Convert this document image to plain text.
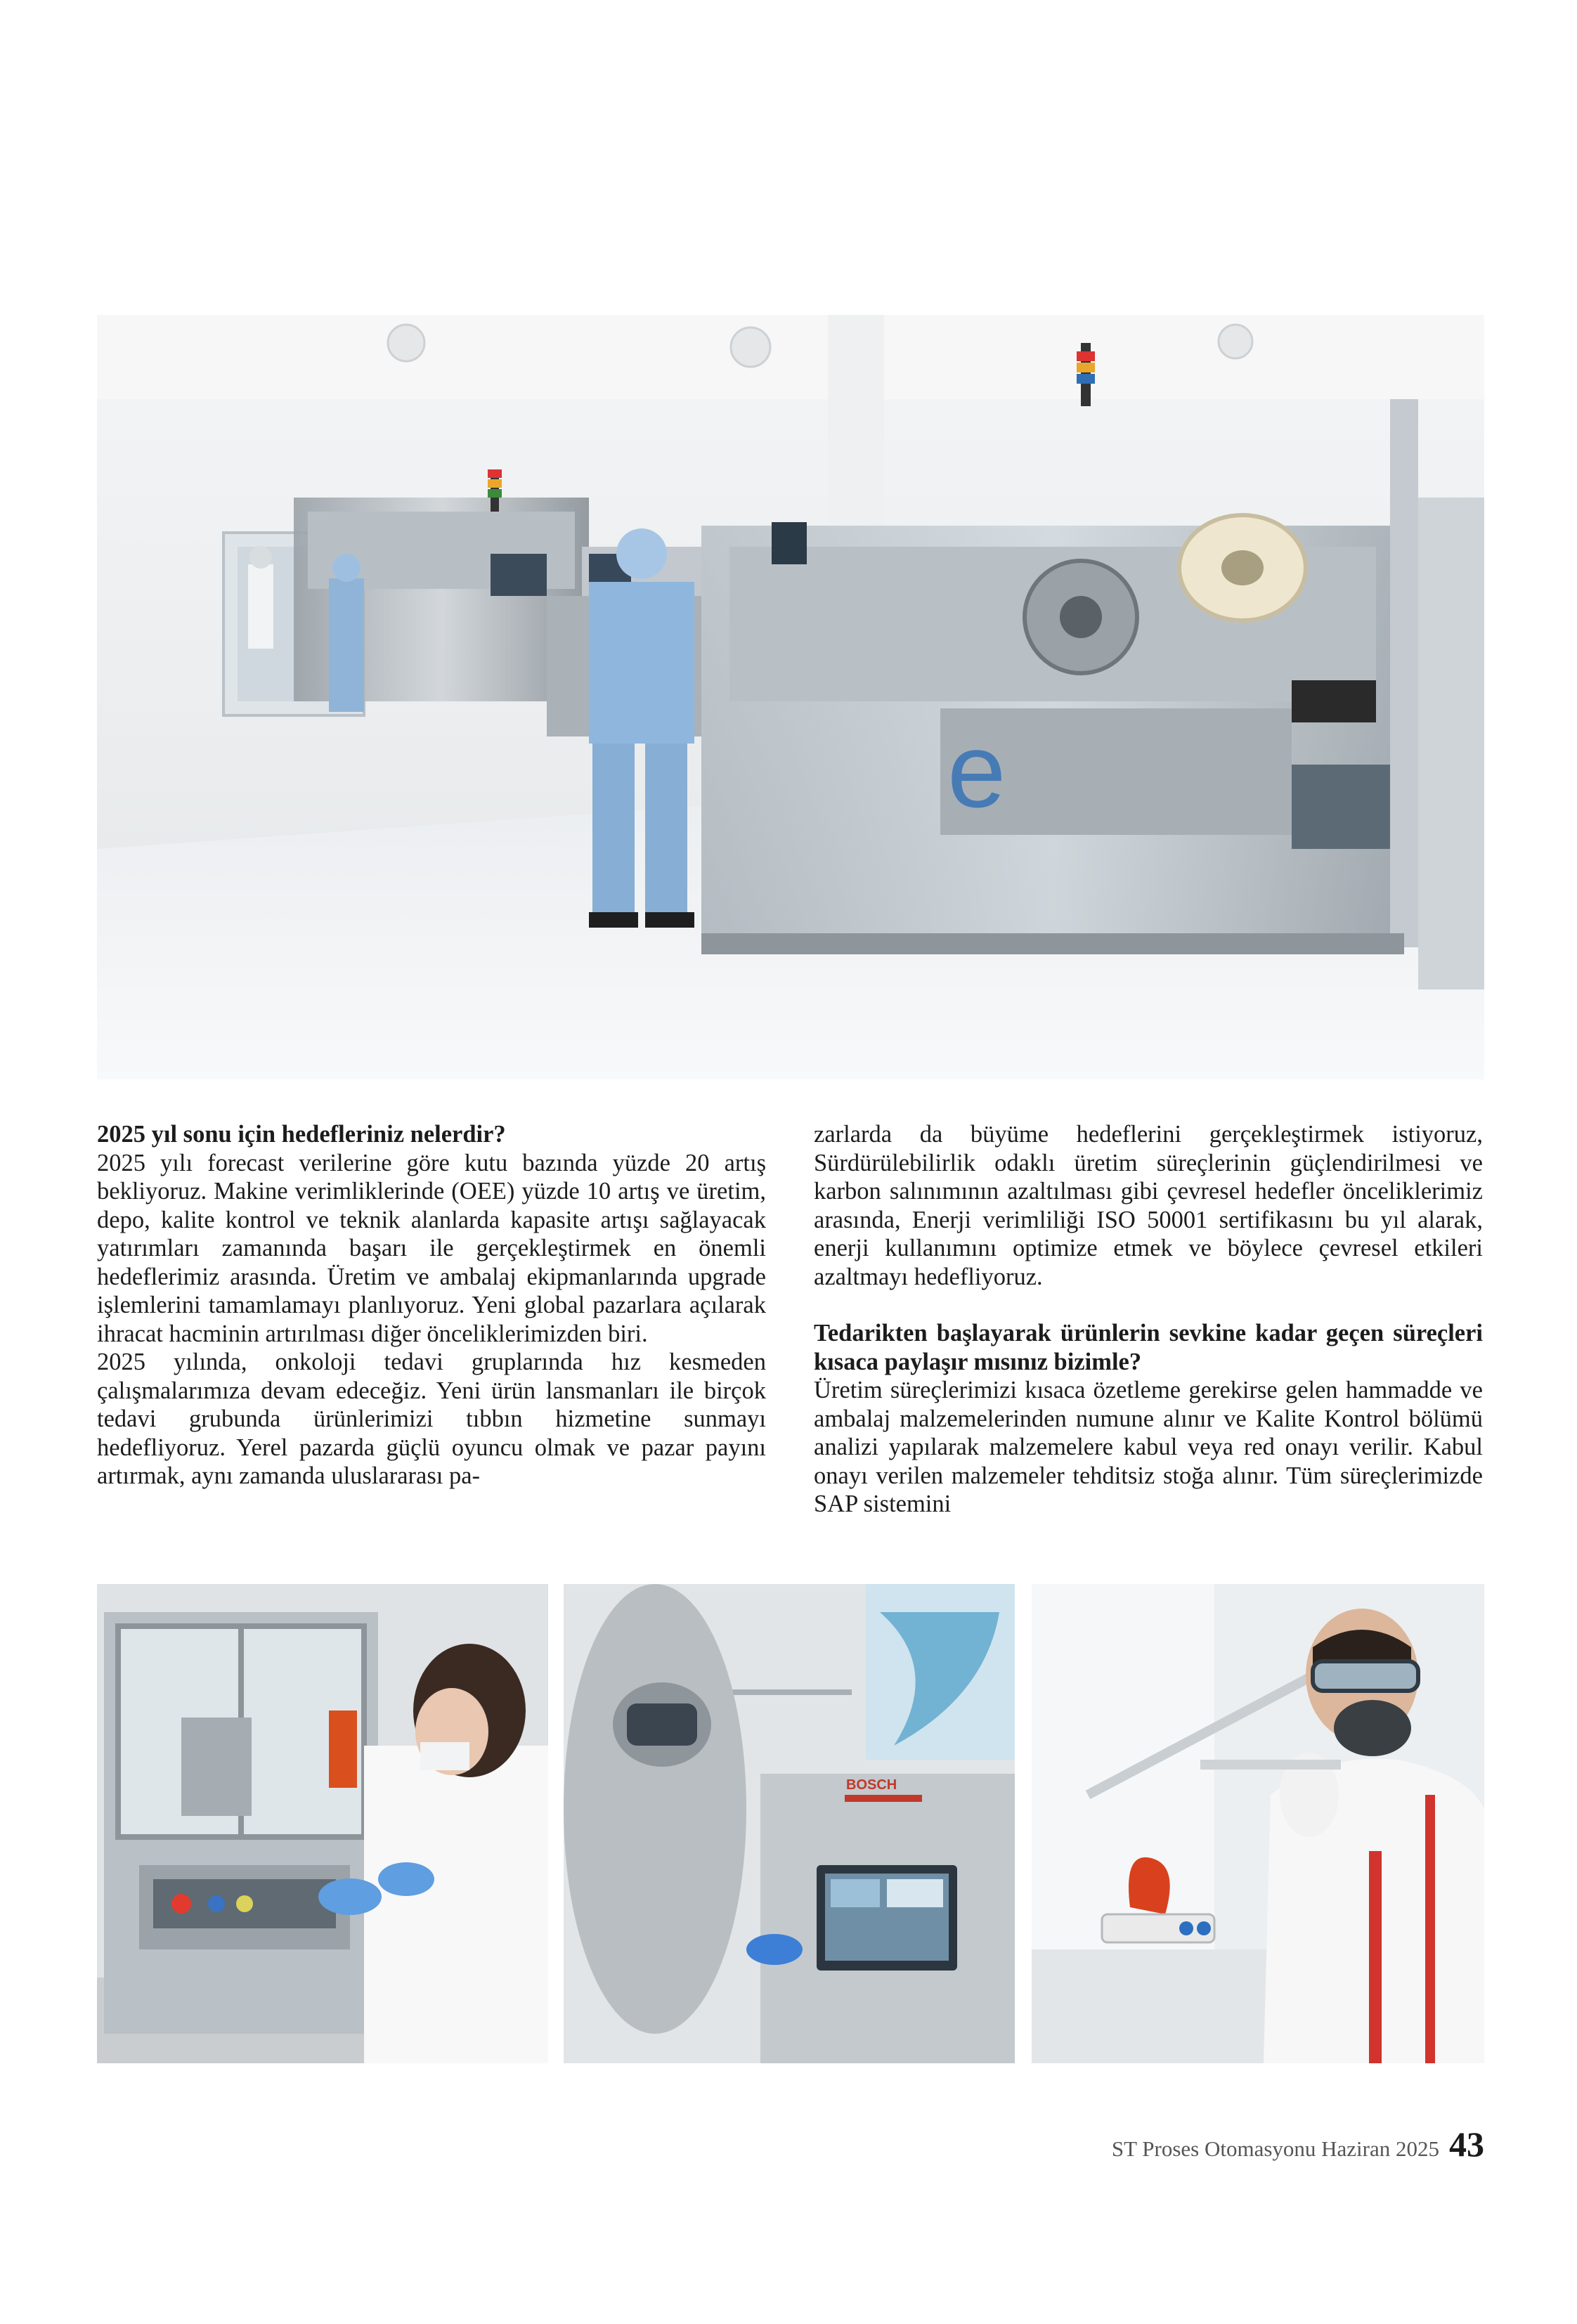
e
BOSCH

2025 yıl sonu için hedefleriniz nelerdir?

2025 yılı forecast verilerine göre kutu bazında yüzde 20 artış bekliyoruz. Makine verimliklerinde (OEE) yüzde 10 artış ve üretim, depo, kalite kontrol ve teknik alanlarda kapasite artışı sağlayacak yatırımları zamanında başarı ile gerçekleştirmek en önemli hedeflerimiz arasında. Üretim ve ambalaj ekipmanlarında upgrade işlemlerini tamamlamayı planlıyoruz. Yeni global pazarlara açılarak ihracat hacminin artırılması diğer önceliklerimizden biri.

2025 yılında, onkoloji tedavi gruplarında hız kesmeden çalışmalarımıza devam edeceğiz. Yeni ürün lansmanları ile birçok tedavi grubunda ürünlerimizi tıbbın hizmetine sunmayı hedefliyoruz. Yerel pazarda güçlü oyuncu olmak ve pazar payını artırmak, aynı zamanda uluslararası pa-

zarlarda da büyüme hedeflerini gerçekleştirmek istiyoruz, Sürdürülebilirlik odaklı üretim süreçlerinin güçlendirilmesi ve karbon salınımının azaltılması gibi çevresel hedefler önceliklerimiz arasında, Enerji verimliliği ISO 50001 sertifikasını bu yıl alarak, enerji kullanımını optimize etmek ve böylece çevresel etkileri azaltmayı hedefliyoruz.

Tedarikten başlayarak ürünlerin sevkine kadar geçen süreçleri kısaca paylaşır mısınız bizimle?

Üretim süreçlerimizi kısaca özetleme gerekirse gelen hammadde ve ambalaj malzemelerinden numune alınır ve Kalite Kontrol bölümü analizi yapılarak malzemelere kabul veya red onayı verilir. Kabul onayı verilen malzemeler tehditsiz stoğa alınır. Tüm süreçlerimizde SAP sistemini

ST Proses Otomasyonu Haziran 2025 43
